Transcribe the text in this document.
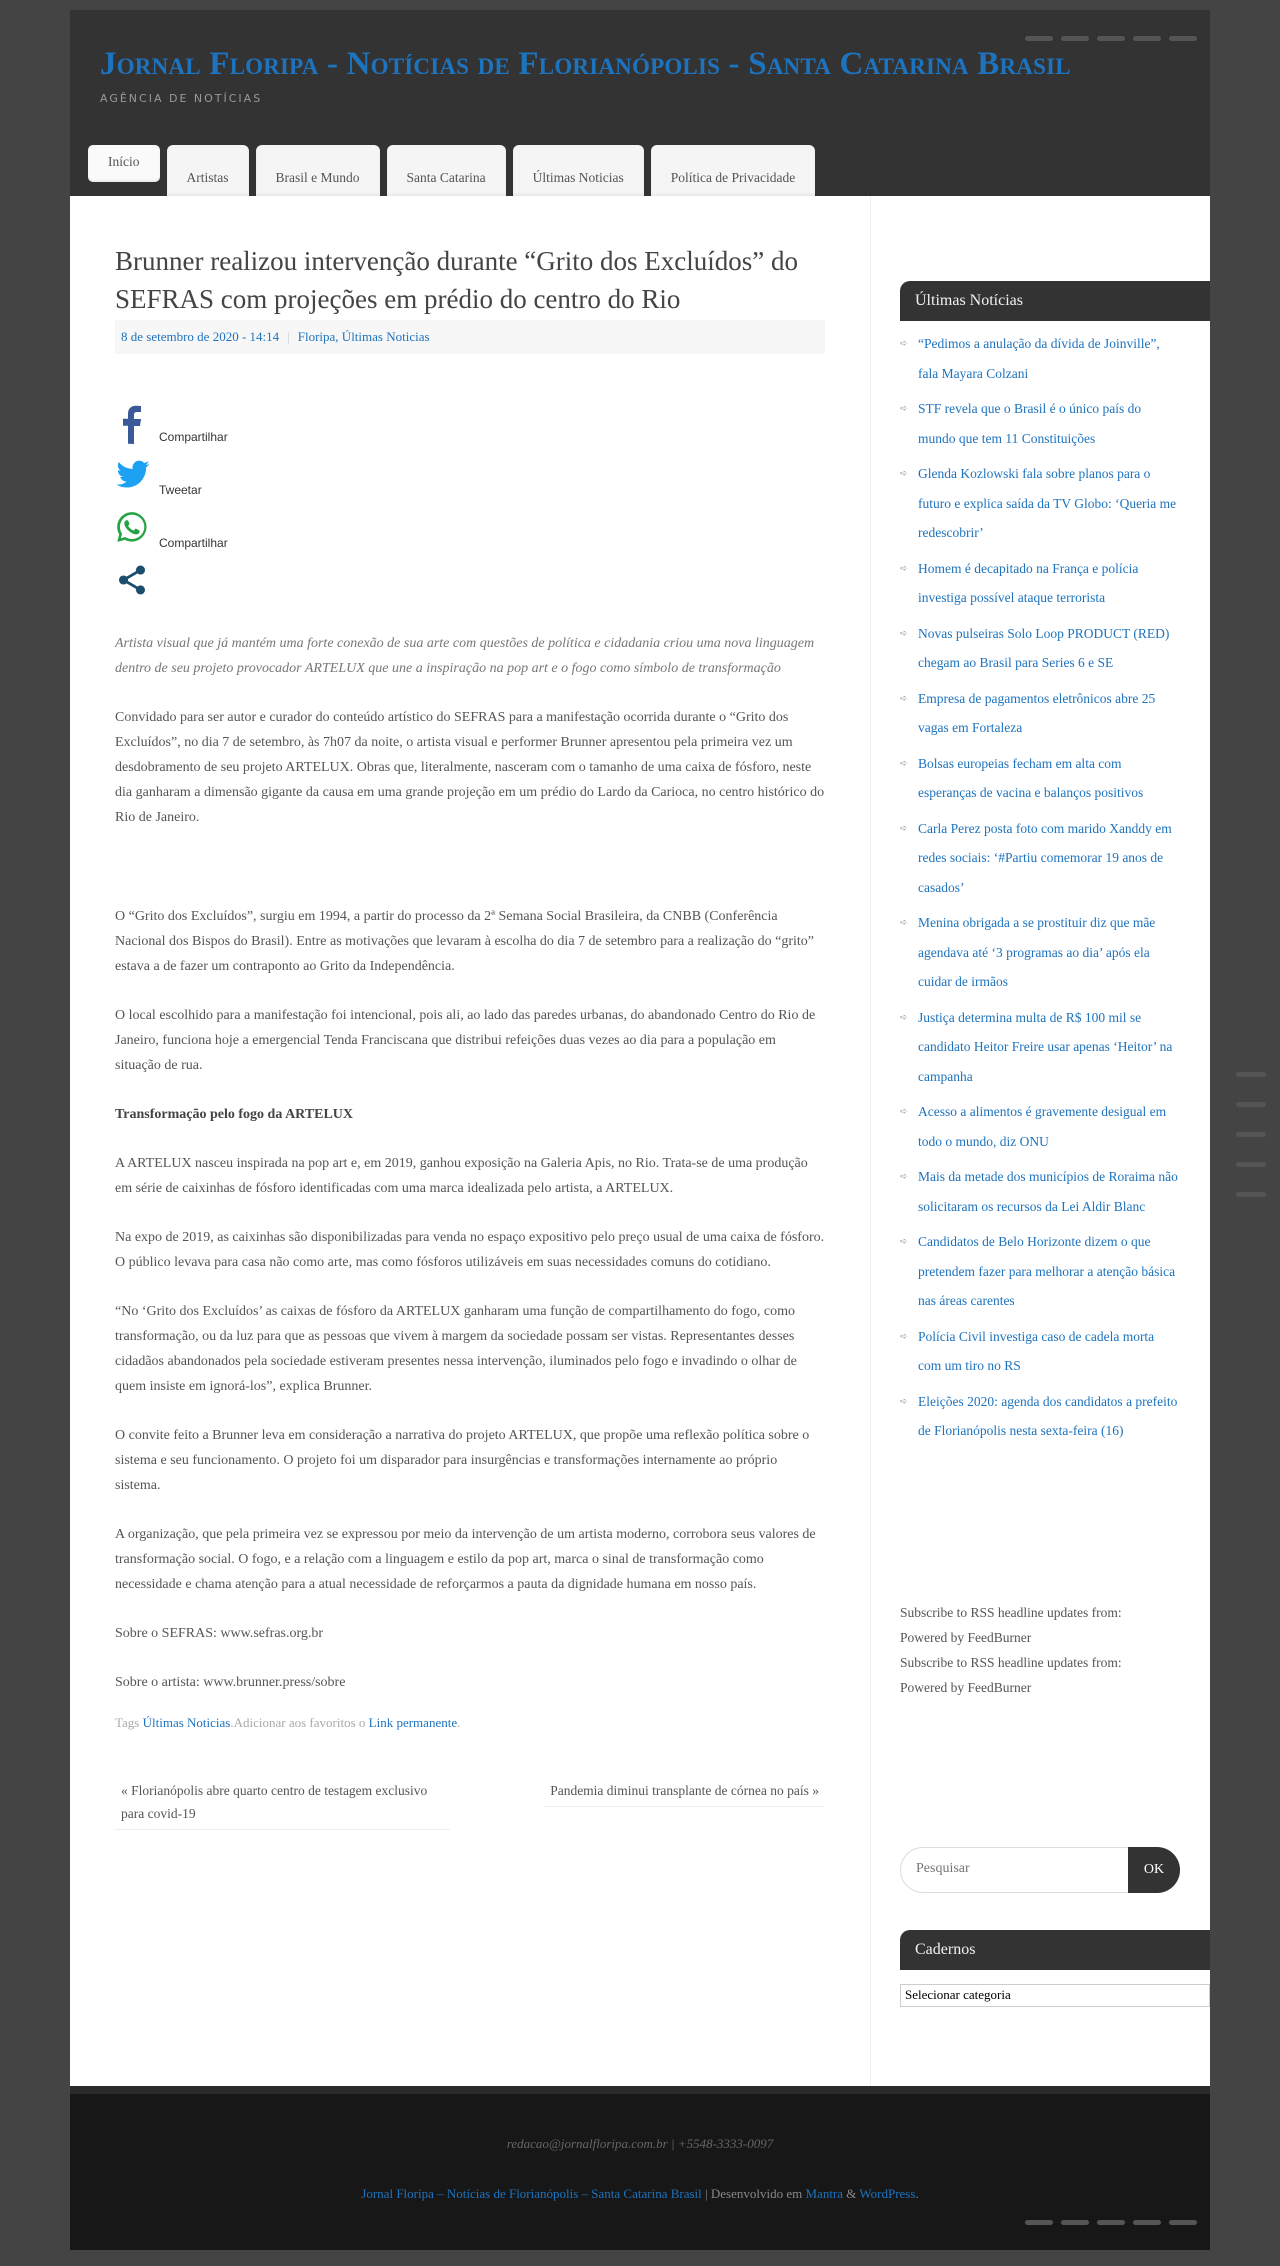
Jornal Floripa - Notícias de Florianópolis - Santa Catarina Brasil
AGÊNCIA DE NOTÍCIAS
Início
Artistas	Brasil e Mundo	Santa Catarina	Últimas Noticias	Política de Privacidade
Brunner realizou intervenção durante “Grito dos Excluídos” do SEFRAS com projeções em prédio do centro do Rio
8 de setembro de 2020 - 14:14 | Floripa, Últimas Noticias
Compartilhar
Tweetar
Compartilhar

Artista visual que já mantém uma forte conexão de sua arte com questões de política e cidadania criou uma nova linguagem dentro de seu projeto provocador ARTELUX que une a inspiração na pop art e o fogo como símbolo de transformação

Convidado para ser autor e curador do conteúdo artístico do SEFRAS para a manifestação ocorrida durante o “Grito dos Excluídos”, no dia 7 de setembro, às 7h07 da noite, o artista visual e performer Brunner apresentou pela primeira vez um desdobramento de seu projeto ARTELUX. Obras que, literalmente, nasceram com o tamanho de uma caixa de fósforo, neste dia ganharam a dimensão gigante da causa em uma grande projeção em um prédio do Lardo da Carioca, no centro histórico do Rio de Janeiro.

O “Grito dos Excluídos”, surgiu em 1994, a partir do processo da 2ª Semana Social Brasileira, da CNBB (Conferência Nacional dos Bispos do Brasil). Entre as motivações que levaram à escolha do dia 7 de setembro para a realização do “grito” estava a de fazer um contraponto ao Grito da Independência.

O local escolhido para a manifestação foi intencional, pois ali, ao lado das paredes urbanas, do abandonado Centro do Rio de Janeiro, funciona hoje a emergencial Tenda Franciscana que distribui refeições duas vezes ao dia para a população em situação de rua.

Transformação pelo fogo da ARTELUX

A ARTELUX nasceu inspirada na pop art e, em 2019, ganhou exposição na Galeria Apis, no Rio. Trata-se de uma produção em série de caixinhas de fósforo identificadas com uma marca idealizada pelo artista, a ARTELUX.

Na expo de 2019, as caixinhas são disponibilizadas para venda no espaço expositivo pelo preço usual de uma caixa de fósforo. O público levava para casa não como arte, mas como fósforos utilizáveis em suas necessidades comuns do cotidiano.

“No ‘Grito dos Excluídos’ as caixas de fósforo da ARTELUX ganharam uma função de compartilhamento do fogo, como transformação, ou da luz para que as pessoas que vivem à margem da sociedade possam ser vistas. Representantes desses cidadãos abandonados pela sociedade estiveram presentes nessa intervenção, iluminados pelo fogo e invadindo o olhar de quem insiste em ignorá-los”, explica Brunner.

O convite feito a Brunner leva em consideração a narrativa do projeto ARTELUX, que propõe uma reflexão política sobre o sistema e seu funcionamento. O projeto foi um disparador para insurgências e transformações internamente ao próprio sistema.

A organização, que pela primeira vez se expressou por meio da intervenção de um artista moderno, corrobora seus valores de transformação social. O fogo, e a relação com a linguagem e estilo da pop art, marca o sinal de transformação como necessidade e chama atenção para a atual necessidade de reforçarmos a pauta da dignidade humana em nosso país.

Sobre o SEFRAS: www.sefras.org.br

Sobre o artista: www.brunner.press/sobre

Tags Últimas Noticias.Adicionar aos favoritos o Link permanente.
« Florianópolis abre quarto centro de testagem exclusivo para covid-19
Pandemia diminui transplante de córnea no país »
Últimas Notícias
➪ “Pedimos a anulação da dívida de Joinville”, fala Mayara Colzani
➪ STF revela que o Brasil é o único país do mundo que tem 11 Constituições
➪ Glenda Kozlowski fala sobre planos para o futuro e explica saída da TV Globo: ‘Queria me redescobrir’
➪ Homem é decapitado na França e polícia investiga possível ataque terrorista
➪ Novas pulseiras Solo Loop PRODUCT (RED) chegam ao Brasil para Series 6 e SE
➪ Empresa de pagamentos eletrônicos abre 25 vagas em Fortaleza
➪ Bolsas europeias fecham em alta com esperanças de vacina e balanços positivos
➪ Carla Perez posta foto com marido Xanddy em redes sociais: ‘#Partiu comemorar 19 anos de casados’
➪ Menina obrigada a se prostituir diz que mãe agendava até ‘3 programas ao dia’ após ela cuidar de irmãos
➪ Justiça determina multa de R$ 100 mil se candidato Heitor Freire usar apenas ‘Heitor’ na campanha
➪ Acesso a alimentos é gravemente desigual em todo o mundo, diz ONU
➪ Mais da metade dos municípios de Roraima não solicitaram os recursos da Lei Aldir Blanc
➪ Candidatos de Belo Horizonte dizem o que pretendem fazer para melhorar a atenção básica nas áreas carentes
➪ Polícia Civil investiga caso de cadela morta com um tiro no RS
➪ Eleições 2020: agenda dos candidatos a prefeito de Florianópolis nesta sexta-feira (16)
Subscribe to RSS headline updates from:
Powered by FeedBurner
Subscribe to RSS headline updates from:
Powered by FeedBurner
Pesquisar
OK
Cadernos
Selecionar categoria
redacao@jornalfloripa.com.br | +5548-3333-0097
Jornal Floripa – Notícias de Florianópolis – Santa Catarina Brasil | Desenvolvido em Mantra & WordPress.
